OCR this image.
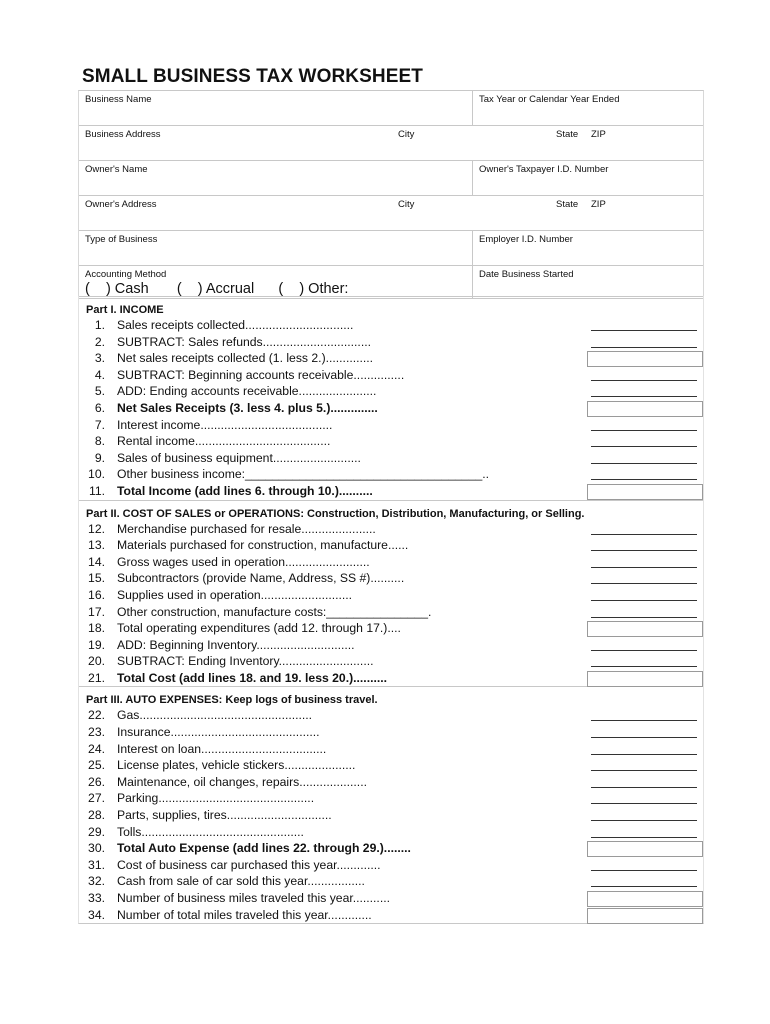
SMALL BUSINESS TAX WORKSHEET
Business Name	Tax Year or Calendar Year Ended
Business Address	City	State ZIP
Owner's Name	Owner's Taxpayer I.D. Number
Owner's Address	City	State ZIP
Type of Business	Employer I.D. Number
Accounting Method
(    ) Cash       (    ) Accrual      (    ) Other:
Date Business Started
Part I. INCOME
1. Sales receipts collected................................
2. SUBTRACT: Sales refunds................................
3. Net sales receipts collected (1. less 2.)..............
4. SUBTRACT: Beginning accounts receivable...............
5. ADD: Ending accounts receivable.......................
6. Net Sales Receipts (3. less 4. plus 5.)..............
7. Interest income.......................................
8. Rental income........................................
9. Sales of business equipment..........................
10. Other business income:___________________________________..
11. Total Income (add lines 6. through 10.)..........
Part II. COST OF SALES or OPERATIONS: Construction, Distribution, Manufacturing, or Selling.
12. Merchandise purchased for resale......................
13. Materials purchased for construction, manufacture......
14. Gross wages used in operation.........................
15. Subcontractors (provide Name, Address, SS #)..........
16. Supplies used in operation...........................
17. Other construction, manufacture costs:_______________.
18. Total operating expenditures (add 12. through 17.)....
19. ADD: Beginning Inventory.............................
20. SUBTRACT: Ending Inventory............................
21. Total Cost (add lines 18. and 19. less 20.)..........
Part III. AUTO EXPENSES: Keep logs of business travel.
22. Gas...................................................
23. Insurance............................................
24. Interest on loan.....................................
25. License plates, vehicle stickers.....................
26. Maintenance, oil changes, repairs....................
27. Parking..............................................
28. Parts, supplies, tires...............................
29. Tolls................................................
30. Total Auto Expense (add lines 22. through 29.)........
31. Cost of business car purchased this year.............
32. Cash from sale of car sold this year.................
33. Number of business miles traveled this year...........
34. Number of total miles traveled this year.............
